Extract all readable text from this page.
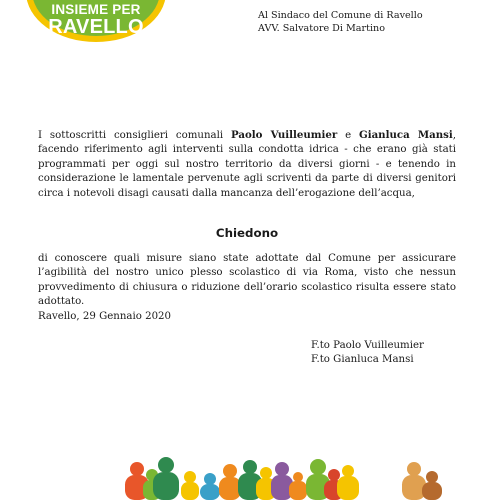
INSIEME PER
RAVELLO
Al Sindaco del Comune di Ravello
AVV. Salvatore Di Martino
I sottoscritti consiglieri comunali Paolo Vuilleumier e Gianluca Mansi, facendo riferimento agli interventi sulla condotta idrica - che erano già stati programmati per oggi sul nostro territorio da diversi giorni - e tenendo in considerazione le lamentale pervenute agli scriventi da parte di diversi genitori circa i notevoli disagi causati dalla mancanza dell’erogazione dell’acqua,
Chiedono
di conoscere quali misure siano state adottate dal Comune per assicurare l’agibilità del nostro unico plesso scolastico di via Roma, visto che nessun provvedimento di chiusura o riduzione dell’orario scolastico risulta essere stato adottato.
Ravello, 29 Gennaio 2020
F.to Paolo Vuilleumier
F.to Gianluca Mansi
